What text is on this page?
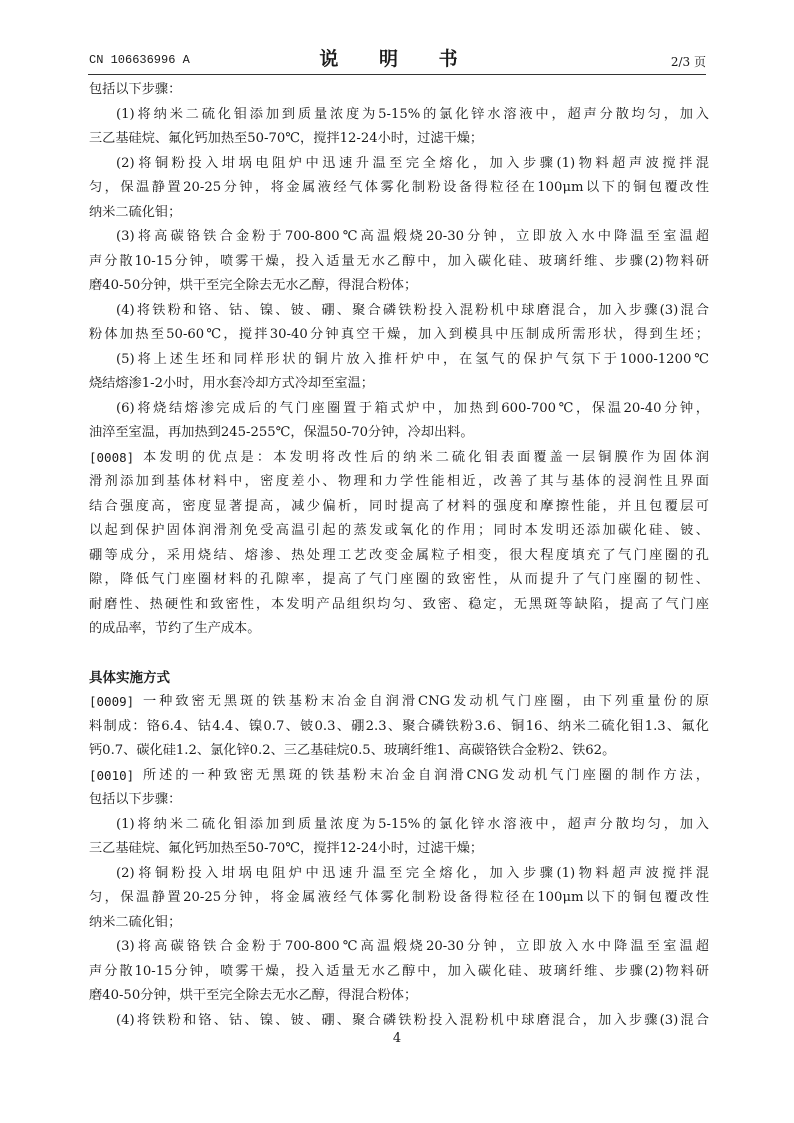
CN 106636996 A	说 明 书	2/3 页
包括以下步骤：
(1)将纳米二硫化钼添加到质量浓度为5-15%的氯化锌水溶液中，超声分散均匀，加入
三乙基硅烷、氟化钙加热至50-70℃，搅拌12-24小时，过滤干燥；
(2)将铜粉投入坩埚电阻炉中迅速升温至完全熔化，加入步骤(1)物料超声波搅拌混
匀，保温静置20-25分钟，将金属液经气体雾化制粉设备得粒径在100μm以下的铜包覆改性
纳米二硫化钼；
(3)将高碳铬铁合金粉于700-800℃高温煅烧20-30分钟，立即放入水中降温至室温超
声分散10-15分钟，喷雾干燥，投入适量无水乙醇中，加入碳化硅、玻璃纤维、步骤(2)物料研
磨40-50分钟，烘干至完全除去无水乙醇，得混合粉体；
(4)将铁粉和铬、钴、镍、铍、硼、聚合磷铁粉投入混粉机中球磨混合，加入步骤(3)混合
粉体加热至50-60℃，搅拌30-40分钟真空干燥，加入到模具中压制成所需形状，得到生坯；
(5)将上述生坯和同样形状的铜片放入推杆炉中，在氢气的保护气氛下于1000-1200℃
烧结熔渗1-2小时，用水套冷却方式冷却至室温；
(6)将烧结熔渗完成后的气门座圈置于箱式炉中，加热到600-700℃，保温20-40分钟，
油淬至室温，再加热到245-255℃，保温50-70分钟，冷却出料。
[0008] 本发明的优点是：本发明将改性后的纳米二硫化钼表面覆盖一层铜膜作为固体润
滑剂添加到基体材料中，密度差小、物理和力学性能相近，改善了其与基体的浸润性且界面
结合强度高，密度显著提高，减少偏析，同时提高了材料的强度和摩擦性能，并且包覆层可
以起到保护固体润滑剂免受高温引起的蒸发或氧化的作用；同时本发明还添加碳化硅、铍、
硼等成分，采用烧结、熔渗、热处理工艺改变金属粒子相变，很大程度填充了气门座圈的孔
隙，降低气门座圈材料的孔隙率，提高了气门座圈的致密性，从而提升了气门座圈的韧性、
耐磨性、热硬性和致密性，本发明产品组织均匀、致密、稳定，无黑斑等缺陷，提高了气门座
的成品率，节约了生产成本。
具体实施方式
[0009] 一种致密无黑斑的铁基粉末冶金自润滑CNG发动机气门座圈，由下列重量份的原
料制成：铬6.4、钴4.4、镍0.7、铍0.3、硼2.3、聚合磷铁粉3.6、铜16、纳米二硫化钼1.3、氟化
钙0.7、碳化硅1.2、氯化锌0.2、三乙基硅烷0.5、玻璃纤维1、高碳铬铁合金粉2、铁62。
[0010] 所述的一种致密无黑斑的铁基粉末冶金自润滑CNG发动机气门座圈的制作方法，
包括以下步骤：
(1)将纳米二硫化钼添加到质量浓度为5-15%的氯化锌水溶液中，超声分散均匀，加入
三乙基硅烷、氟化钙加热至50-70℃，搅拌12-24小时，过滤干燥；
(2)将铜粉投入坩埚电阻炉中迅速升温至完全熔化，加入步骤(1)物料超声波搅拌混
匀，保温静置20-25分钟，将金属液经气体雾化制粉设备得粒径在100μm以下的铜包覆改性
纳米二硫化钼；
(3)将高碳铬铁合金粉于700-800℃高温煅烧20-30分钟，立即放入水中降温至室温超
声分散10-15分钟，喷雾干燥，投入适量无水乙醇中，加入碳化硅、玻璃纤维、步骤(2)物料研
磨40-50分钟，烘干至完全除去无水乙醇，得混合粉体；
(4)将铁粉和铬、钴、镍、铍、硼、聚合磷铁粉投入混粉机中球磨混合，加入步骤(3)混合
4
